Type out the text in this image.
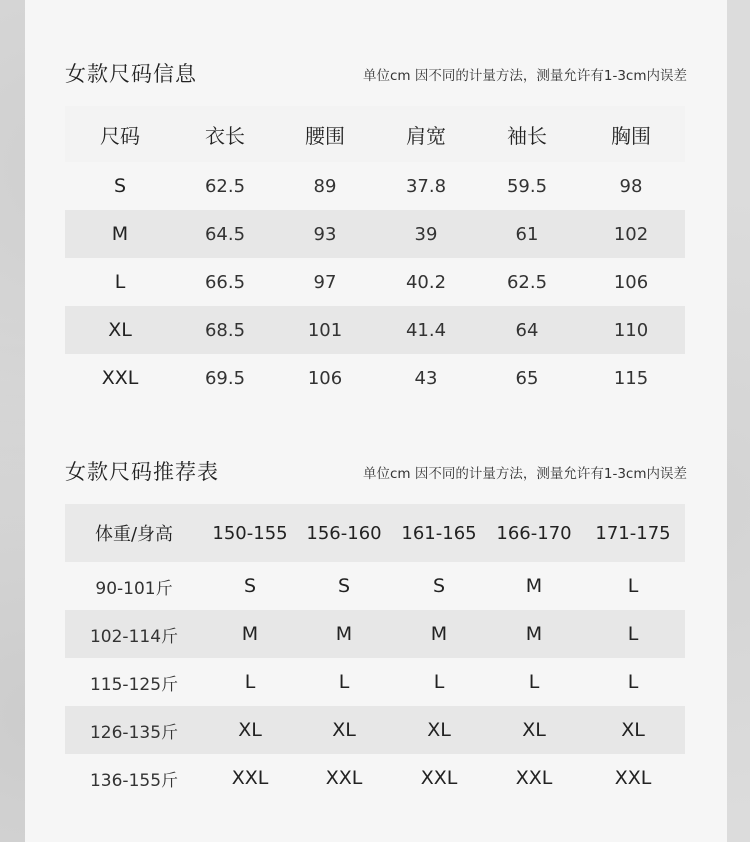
女款尺码信息	单位cm 因不同的计量方法，测量允许有1-3cm内误差
尺码	衣长	腰围	肩宽	袖长	胸围
S	62.5	89	37.8	59.5	98
M	64.5	93	39	61	102
L	66.5	97	40.2	62.5	106
XL	68.5	101	41.4	64	110
XXL	69.5	106	43	65	115
女款尺码推荐表	单位cm 因不同的计量方法，测量允许有1-3cm内误差
体重/身高	150-155	156-160	161-165	166-170	171-175
90-101斤	S	S	S	M	L
102-114斤	M	M	M	M	L
115-125斤	L	L	L	L	L
126-135斤	XL	XL	XL	XL	XL
136-155斤	XXL	XXL	XXL	XXL	XXL
